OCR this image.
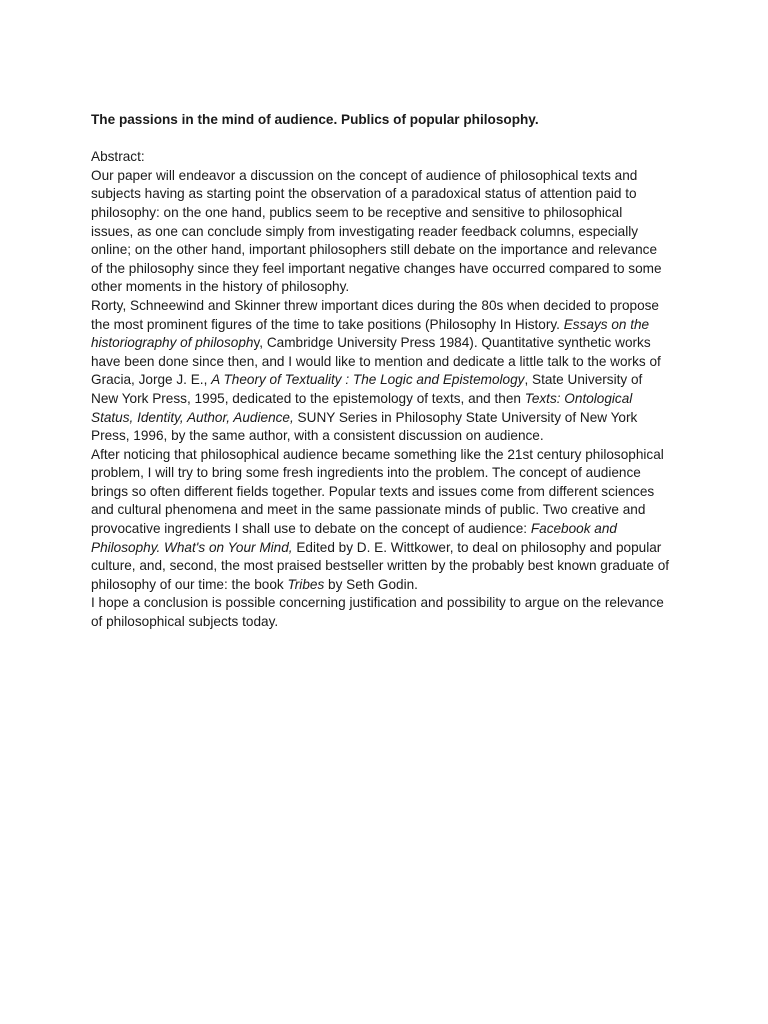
The passions in the mind of audience. Publics of popular philosophy.
Abstract:
Our paper will endeavor a discussion on the concept of audience of philosophical texts and
subjects having as starting point the observation of a paradoxical status of attention paid to
philosophy: on the one hand, publics seem to be receptive and sensitive to philosophical
issues, as one can conclude simply from investigating reader feedback columns, especially
online; on the other hand, important philosophers still debate on the importance and relevance
of the philosophy since they feel important negative changes have occurred compared to some
other moments in the history of philosophy.
Rorty, Schneewind and Skinner threw important dices during the 80s when decided to propose
the most prominent figures of the time to take positions (Philosophy In History. Essays on the
historiography of philosophy, Cambridge University Press 1984). Quantitative synthetic works
have been done since then, and I would like to mention and dedicate a little talk to the works of
Gracia, Jorge J. E., A Theory of Textuality : The Logic and Epistemology, State University of
New York Press, 1995, dedicated to the epistemology of texts, and then Texts: Ontological
Status, Identity, Author, Audience, SUNY Series in Philosophy State University of New York
Press, 1996, by the same author, with a consistent discussion on audience.
After noticing that philosophical audience became something like the 21st century philosophical
problem, I will try to bring some fresh ingredients into the problem. The concept of audience
brings so often different fields together. Popular texts and issues come from different sciences
and cultural phenomena and meet in the same passionate minds of public. Two creative and
provocative ingredients I shall use to debate on the concept of audience: Facebook and
Philosophy. What's on Your Mind, Edited by D. E. Wittkower, to deal on philosophy and popular
culture, and, second, the most praised bestseller written by the probably best known graduate of
philosophy of our time: the book Tribes by Seth Godin.
I hope a conclusion is possible concerning justification and possibility to argue on the relevance
of philosophical subjects today.
